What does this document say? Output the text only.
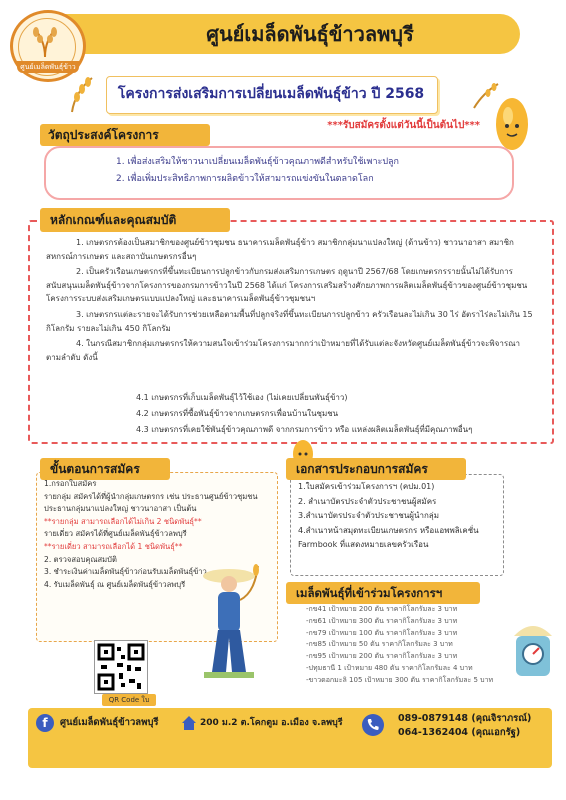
ศูนย์เมล็ดพันธุ์ข้าว
ศูนย์เมล็ดพันธุ์ข้าวลพบุรี
โครงการส่งเสริมการเปลี่ยนเมล็ดพันธุ์ข้าว ปี 2568
***รับสมัครตั้งแต่วันนี้เป็นต้นไป***
วัตถุประสงค์โครงการ
1. เพื่อส่งเสริมให้ชาวนาเปลี่ยนเมล็ดพันธุ์ข้าวคุณภาพดีสำหรับใช้เพาะปลูก
2. เพื่อเพิ่มประสิทธิภาพการผลิตข้าวให้สามารถแข่งขันในตลาดโลก
หลักเกณฑ์และคุณสมบัติ

1. เกษตรกรต้องเป็นสมาชิกของศูนย์ข้าวชุมชน ธนาคารเมล็ดพันธุ์ข้าว สมาชิกกลุ่มนาแปลงใหญ่ (ด้านข้าว) ชาวนาอาสา สมาชิกสหกรณ์การเกษตร และสถาบันเกษตรกรอื่นๆ

2. เป็นครัวเรือนเกษตรกรที่ขึ้นทะเบียนการปลูกข้าวกับกรมส่งเสริมการเกษตร ฤดูนาปี 2567/68 โดยเกษตรกรรายนั้นไม่ได้รับการสนับสนุนเมล็ดพันธุ์ข้าวจากโครงการของกรมการข้าวในปี 2568 ได้แก่ โครงการเสริมสร้างศักยภาพการผลิตเมล็ดพันธุ์ข้าวของศูนย์ข้าวชุมชน โครงการระบบส่งเสริมเกษตรแบบแปลงใหญ่ และธนาคารเมล็ดพันธุ์ข้าวชุมชนฯ

3. เกษตรกรแต่ละรายจะได้รับการช่วยเหลือตามพื้นที่ปลูกจริงที่ขึ้นทะเบียนการปลูกข้าว ครัวเรือนละไม่เกิน 30 ไร่ อัตราไร่ละไม่เกิน 15 กิโลกรัม รายละไม่เกิน 450 กิโลกรัม

4. ในกรณีสมาชิกกลุ่มเกษตรกรให้ความสนใจเข้าร่วมโครงการมากกว่าเป้าหมายที่ได้รับแต่ละจังหวัดศูนย์เมล็ดพันธุ์ข้าวจะพิจารณาตามลำดับ ดังนี้

4.1 เกษตรกรที่เก็บเมล็ดพันธุ์ไว้ใช้เอง (ไม่เคยเปลี่ยนพันธุ์ข้าว)
4.2 เกษตรกรที่ซื้อพันธุ์ข้าวจากเกษตรกรเพื่อนบ้านในชุมชน
4.3 เกษตรกรที่เคยใช้พันธุ์ข้าวคุณภาพดี จากกรมการข้าว หรือ แหล่งผลิตเมล็ดพันธุ์ที่มีคุณภาพอื่นๆ
ขั้นตอนการสมัคร
1.กรอกใบสมัคร
รายกลุ่ม สมัครได้ที่ผู้นำกลุ่มเกษตรกร เช่น ประธานศูนย์ข้าวชุมชน ประธานกลุ่มนาแปลงใหญ่ ชาวนาอาสา เป็นต้น
**รายกลุ่ม สามารถเลือกได้ไม่เกิน 2 ชนิดพันธุ์**
รายเดี่ยว สมัครได้ที่ศูนย์เมล็ดพันธุ์ข้าวลพบุรี
**รายเดี่ยว สามารถเลือกได้ 1 ชนิดพันธุ์**
2. ตรวจสอบคุณสมบัติ
3. ชำระเงินค่าเมล็ดพันธุ์ข้าวก่อนรับเมล็ดพันธุ์ข้าว
4. รับเมล็ดพันธุ์ ณ ศูนย์เมล็ดพันธุ์ข้าวลพบุรี
QR Code ใบ
เอกสารประกอบการสมัคร
1.ใบสมัครเข้าร่วมโครงการฯ (คปม.01)
2. สำเนาบัตรประจำตัวประชาชนผู้สมัคร
3.สำเนาบัตรประจำตัวประชาชนผู้นำกลุ่ม
4.สำเนาหน้าสมุดทะเบียนเกษตรกร หรือแอพพลิเคชั่น Farmbook ที่แสดงหมายเลขครัวเรือน
เมล็ดพันธุ์ที่เข้าร่วมโครงการฯ
-กข41 เป้าหมาย 200 ตัน ราคากิโลกรัมละ 3 บาท
-กข61 เป้าหมาย 300 ตัน ราคากิโลกรัมละ 3 บาท
-กข79 เป้าหมาย 100 ตัน ราคากิโลกรัมละ 3 บาท
-กข85 เป้าหมาย 50 ตัน ราคากิโลกรัมละ 3 บาท
-กข95 เป้าหมาย 200 ตัน ราคากิโลกรัมละ 3 บาท
-ปทุมธานี 1 เป้าหมาย 480 ตัน ราคากิโลกรัมละ 4 บาท
-ขาวดอกมะลิ 105 เป้าหมาย 300 ตัน ราคากิโลกรัมละ 5 บาท
f	ศูนย์เมล็ดพันธุ์ข้าวลพบุรี	200 ม.2 ต.โคกตูม อ.เมือง จ.ลพบุรี	089-0879148 (คุณจิราภรณ์)
064-1362404 (คุณเอกรัฐ)
